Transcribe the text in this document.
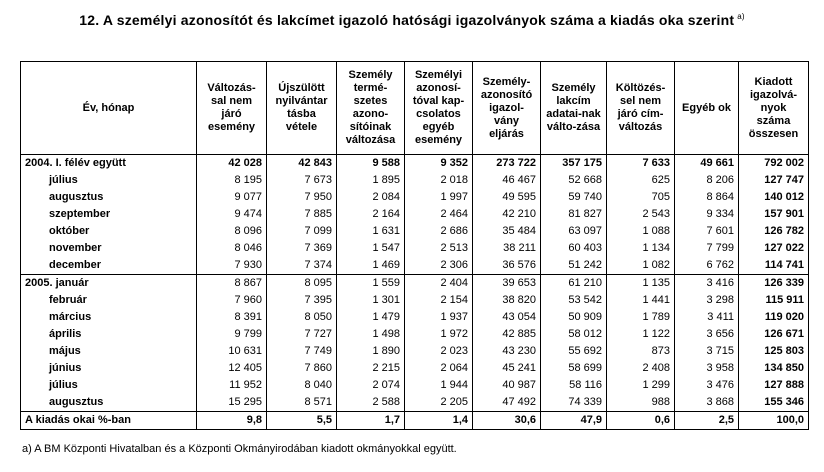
12. A személyi azonosítót és lakcímet igazoló hatósági igazolványok száma a kiadás oka szerint $^{a)}$
Év, hónap	Változás-sal nem járó esemény	Újszülött nyilvántar tásba vétele	Személy termé-szetes azono-sítóinak változása	Személyi azonosí-tóval kap-csolatos egyéb esemény	Személy-azonosító igazol-vány eljárás	Személy lakcím adatai-nak válto-zása	Költözés-sel nem járó cím-változás	Egyéb ok	Kiadott igazolvá-nyok száma összesen
2004. I. félév együtt	42 028	42 843	9 588	9 352	273 722	357 175	7 633	49 661	792 002
július	8 195	7 673	1 895	2 018	46 467	52 668	625	8 206	127 747
augusztus	9 077	7 950	2 084	1 997	49 595	59 740	705	8 864	140 012
szeptember	9 474	7 885	2 164	2 464	42 210	81 827	2 543	9 334	157 901
október	8 096	7 099	1 631	2 686	35 484	63 097	1 088	7 601	126 782
november	8 046	7 369	1 547	2 513	38 211	60 403	1 134	7 799	127 022
december	7 930	7 374	1 469	2 306	36 576	51 242	1 082	6 762	114 741
2005. január	8 867	8 095	1 559	2 404	39 653	61 210	1 135	3 416	126 339
február	7 960	7 395	1 301	2 154	38 820	53 542	1 441	3 298	115 911
március	8 391	8 050	1 479	1 937	43 054	50 909	1 789	3 411	119 020
április	9 799	7 727	1 498	1 972	42 885	58 012	1 122	3 656	126 671
május	10 631	7 749	1 890	2 023	43 230	55 692	873	3 715	125 803
június	12 405	7 860	2 215	2 064	45 241	58 699	2 408	3 958	134 850
július	11 952	8 040	2 074	1 944	40 987	58 116	1 299	3 476	127 888
augusztus	15 295	8 571	2 588	2 205	47 492	74 339	988	3 868	155 346
A kiadás okai %-ban	9,8	5,5	1,7	1,4	30,6	47,9	0,6	2,5	100,0
a) A BM Központi Hivatalban és a Központi Okmányirodában kiadott okmányokkal együtt.
